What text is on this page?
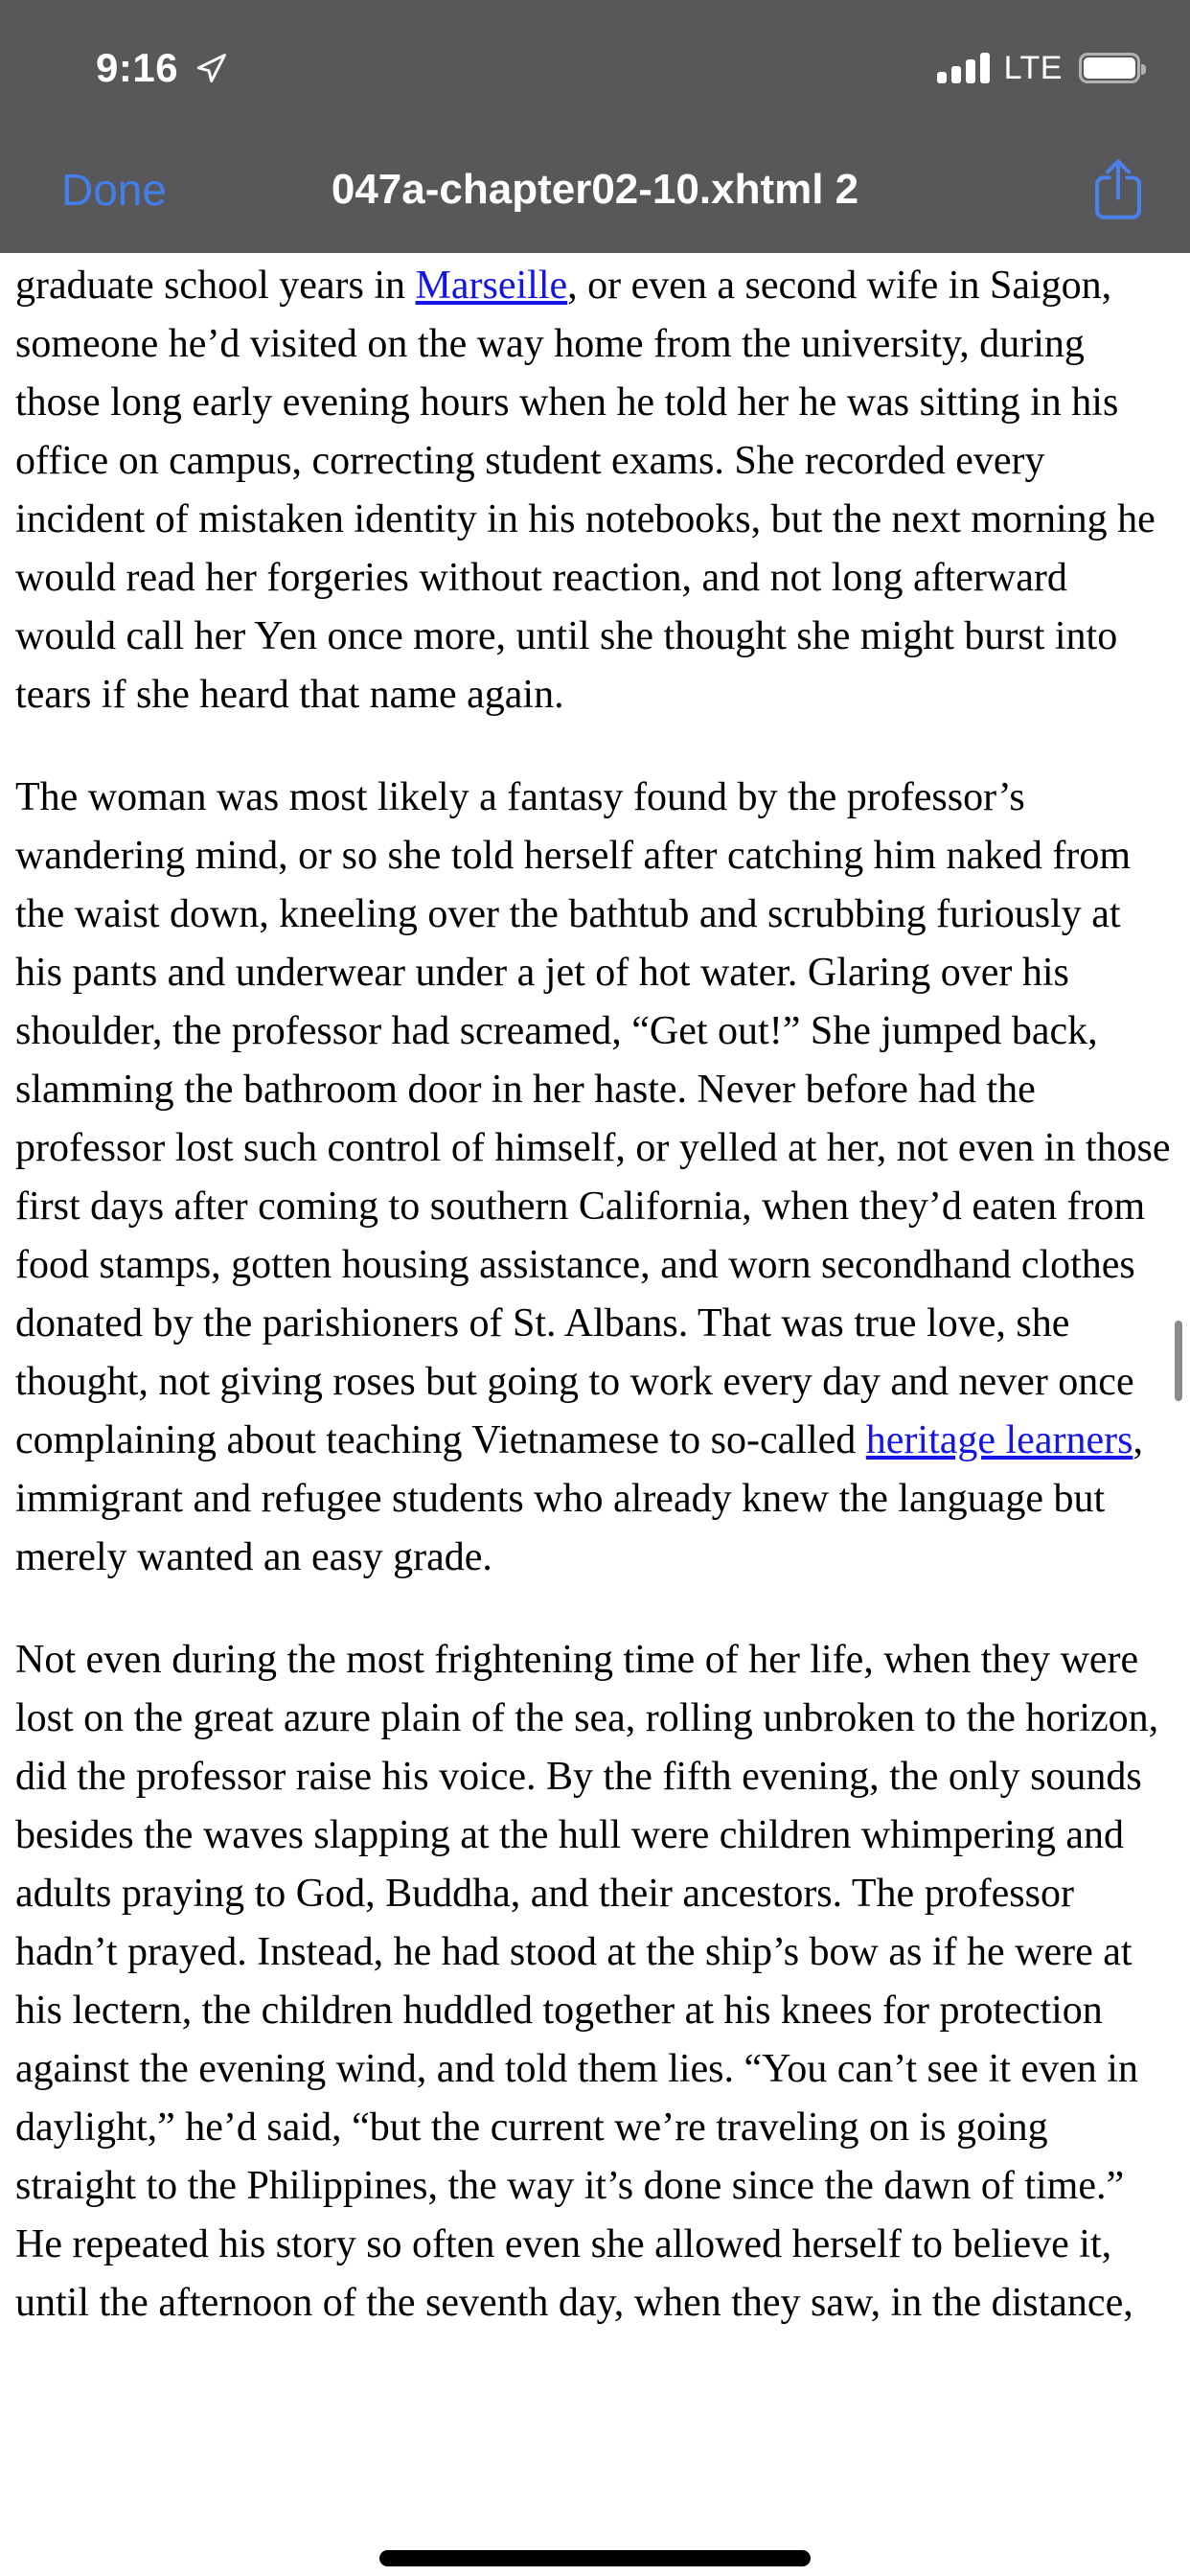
9:16	LTE
Done	047a-chapter02-10.xhtml 2

graduate school years in Marseille, or even a second wife in Saigon, someone he’d visited on the way home from the university, during those long early evening hours when he told her he was sitting in his office on campus, correcting student exams. She recorded every incident of mistaken identity in his notebooks, but the next morning he would read her forgeries without reaction, and not long afterward would call her Yen once more, until she thought she might burst into tears if she heard that name again.

The woman was most likely a fantasy found by the professor’s wandering mind, or so she told herself after catching him naked from the waist down, kneeling over the bathtub and scrubbing furiously at his pants and underwear under a jet of hot water. Glaring over his shoulder, the professor had screamed, “Get out!” She jumped back, slamming the bathroom door in her haste. Never before had the professor lost such control of himself, or yelled at her, not even in those first days after coming to southern California, when they’d eaten from food stamps, gotten housing assistance, and worn secondhand clothes donated by the parishioners of St. Albans. That was true love, she thought, not giving roses but going to work every day and never once complaining about teaching Vietnamese to so-called heritage learners, immigrant and refugee students who already knew the language but merely wanted an easy grade.

Not even during the most frightening time of her life, when they were lost on the great azure plain of the sea, rolling unbroken to the horizon, did the professor raise his voice. By the fifth evening, the only sounds besides the waves slapping at the hull were children whimpering and adults praying to God, Buddha, and their ancestors. The professor hadn’t prayed. Instead, he had stood at the ship’s bow as if he were at his lectern, the children huddled together at his knees for protection against the evening wind, and told them lies. “You can’t see it even in daylight,” he’d said, “but the current we’re traveling on is going straight to the Philippines, the way it’s done since the dawn of time.” He repeated his story so often even she allowed herself to believe it, until the afternoon of the seventh day, when they saw, in the distance,
